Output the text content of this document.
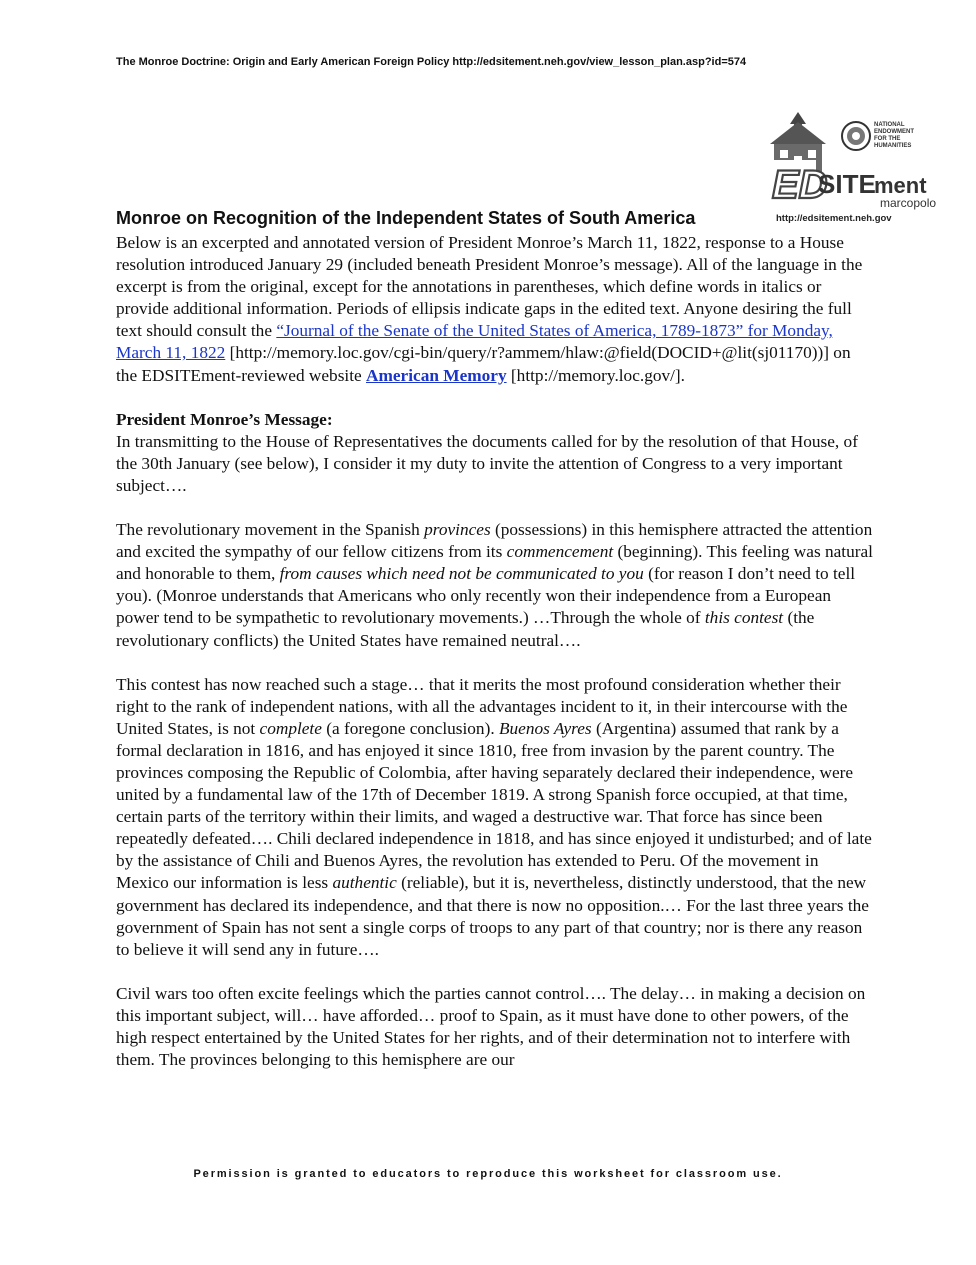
The Monroe Doctrine: Origin and Early American Foreign Policy http://edsitement.neh.gov/view_lesson_plan.asp?id=574
NATIONAL
ENDOWMENT
FOR THE
HUMANITIES
ED
SITE
ment
marcopolo
http://edsitement.neh.gov
Monroe on Recognition of the Independent States of South America

Below is an excerpted and annotated version of President Monroe’s March 11, 1822, response to a House resolution introduced January 29 (included beneath President Monroe’s message). All of the language in the excerpt is from the original, except for the annotations in parentheses, which define words in italics or provide additional information. Periods of ellipsis indicate gaps in the edited text. Anyone desiring the full text should consult the “Journal of the Senate of the United States of America, 1789-1873” for Monday, March 11, 1822 [http://memory.loc.gov/cgi-bin/query/r?ammem/hlaw:@field(DOCID+@lit(sj01170))] on the EDSITEment-reviewed website American Memory [http://memory.loc.gov/].

President Monroe’s Message:

In transmitting to the House of Representatives the documents called for by the resolution of that House, of the 30th January (see below), I consider it my duty to invite the attention of Congress to a very important subject….

The revolutionary movement in the Spanish provinces (possessions) in this hemisphere attracted the attention and excited the sympathy of our fellow citizens from its commencement (beginning). This feeling was natural and honorable to them, from causes which need not be communicated to you (for reason I don’t need to tell you). (Monroe understands that Americans who only recently won their independence from a European power tend to be sympathetic to revolutionary movements.) …Through the whole of this contest (the revolutionary conflicts) the United States have remained neutral….

This contest has now reached such a stage… that it merits the most profound consideration whether their right to the rank of independent nations, with all the advantages incident to it, in their intercourse with the United States, is not complete (a foregone conclusion). Buenos Ayres (Argentina) assumed that rank by a formal declaration in 1816, and has enjoyed it since 1810, free from invasion by the parent country. The provinces composing the Republic of Colombia, after having separately declared their independence, were united by a fundamental law of the 17th of December 1819. A strong Spanish force occupied, at that time, certain parts of the territory within their limits, and waged a destructive war. That force has since been repeatedly defeated…. Chili declared independence in 1818, and has since enjoyed it undisturbed; and of late by the assistance of Chili and Buenos Ayres, the revolution has extended to Peru. Of the movement in Mexico our information is less authentic (reliable), but it is, nevertheless, distinctly understood, that the new government has declared its independence, and that there is now no opposition.… For the last three years the government of Spain has not sent a single corps of troops to any part of that country; nor is there any reason to believe it will send any in future….

Civil wars too often excite feelings which the parties cannot control…. The delay… in making a decision on this important subject, will… have afforded… proof to Spain, as it must have done to other powers, of the high respect entertained by the United States for her rights, and of their determination not to interfere with them. The provinces belonging to this hemisphere are our

Permission is granted to educators to reproduce this worksheet for classroom use.
